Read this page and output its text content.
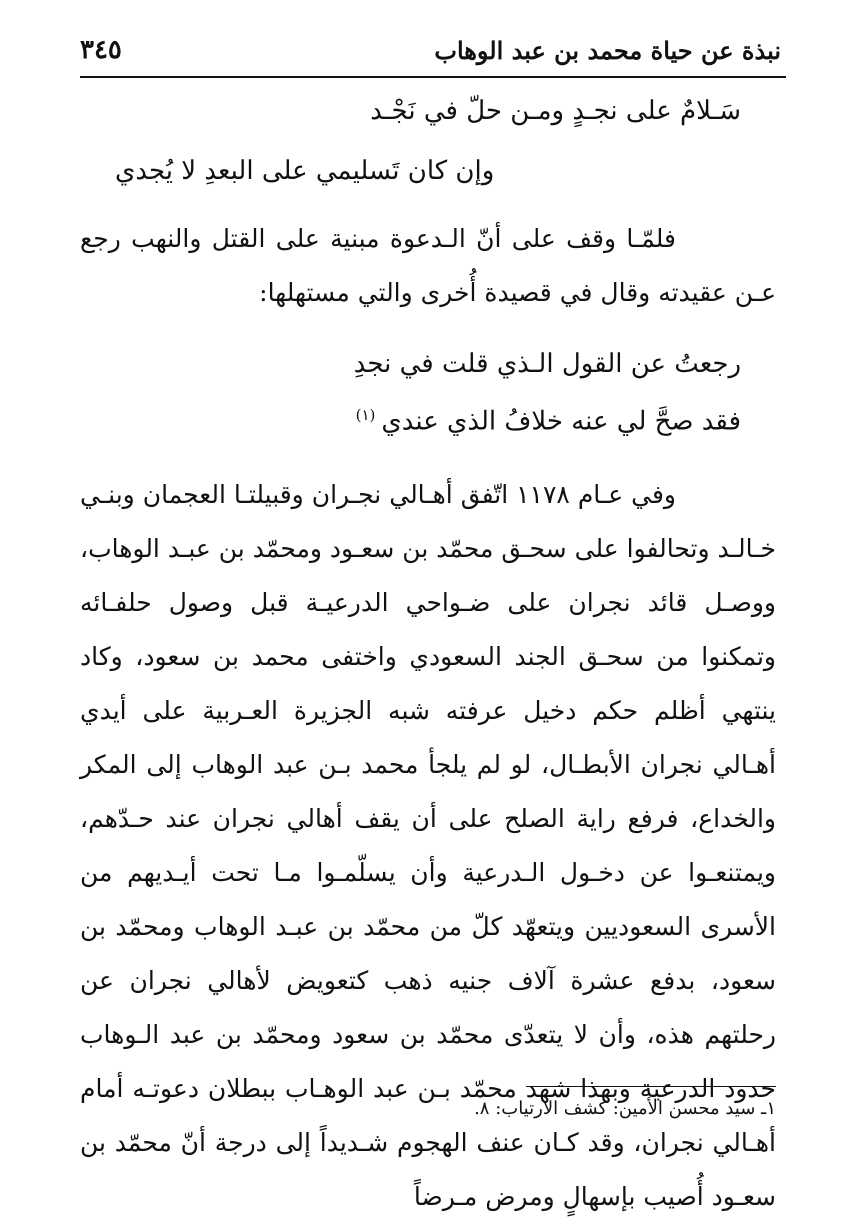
نبذة عن حياة محمد بن عبد الوهاب
٣٤٥
سَـلامٌ على نجـدٍ ومـن حلّ في نَجْـد
وإن كان تَسليمي على البعدِ لا يُجدي
فلمّـا وقف على أنّ الـدعوة مبنية على القتل والنهب رجع عـن عقيدته وقال في قصيدة أُخرى والتي مستهلها:
رجعتُ عن القول الـذي قلت في نجدِ
فقد صحَّ لي عنه خلافُ الذي عندي$^{(١)}$
وفي عـام ١١٧٨ اتّفق أهـالي نجـران وقبيلتـا العجمان وبنـي خـالـد وتحالفوا على سحـق محمّد بن سعـود ومحمّد بن عبـد الوهاب، ووصـل قائد نجران على ضـواحي الدرعيـة قبل وصول حلفـائه وتمكنوا من سحـق الجند السعودي واختفى محمد بن سعود، وكاد ينتهي أظلم حكم دخيل عرفته شبه الجزيرة العـربية على أيدي أهـالي نجران الأبطـال، لو لم يلجأ محمد بـن عبد الوهاب إلى المكر والخداع، فرفع راية الصلح على أن يقف أهالي نجران عند حـدّهم، ويمتنعـوا عن دخـول الـدرعية وأن يسلّمـوا مـا تحت أيـديهم من الأسرى السعوديين ويتعهّد كلّ من محمّد بن عبـد الوهاب ومحمّد بن سعود، بدفع عشرة آلاف جنيه ذهب كتعويض لأهالي نجران عن رحلتهم هذه، وأن لا يتعدّى محمّد بن سعود ومحمّد بن عبد الـوهاب حدود الدرعية وبهذا شهد محمّد بـن عبد الوهـاب ببطلان دعوتـه أمام أهـالي نجران، وقد كـان عنف الهجوم شـديداً إلى درجة أنّ محمّد بن سعـود أُصيب بإسهالٍ ومرض مـرضاً
١ـ سيد محسن الأمين: كشف الارتياب: ٨.
